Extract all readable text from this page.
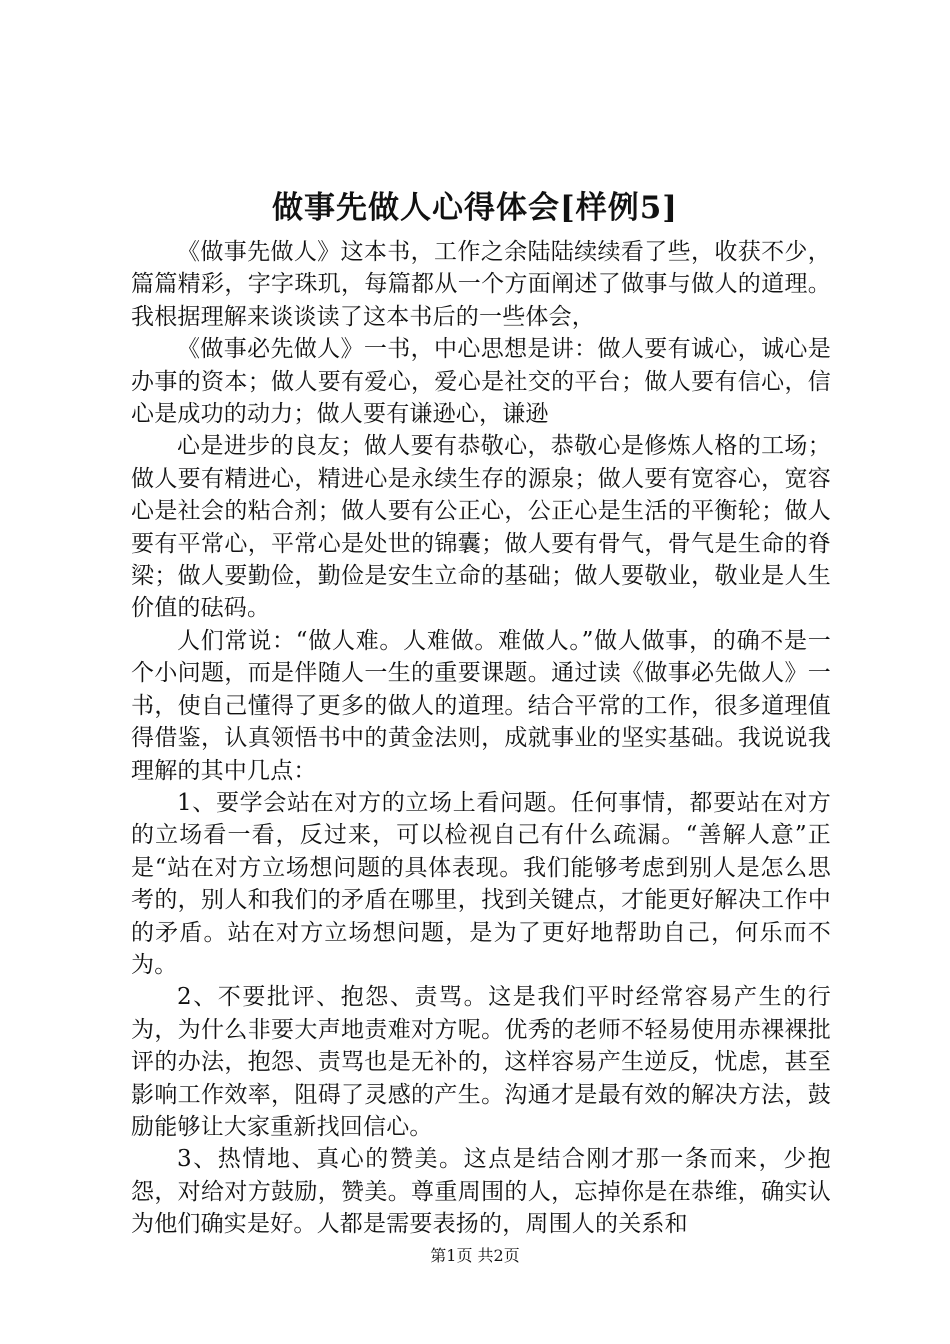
做事先做人心得体会[样例5]

《做事先做人》这本书，工作之余陆陆续续看了些，收获不少，篇篇精彩，字字珠玑，每篇都从一个方面阐述了做事与做人的道理。我根据理解来谈谈读了这本书后的一些体会，

《做事必先做人》一书，中心思想是讲：做人要有诚心，诚心是办事的资本；做人要有爱心，爱心是社交的平台；做人要有信心，信心是成功的动力；做人要有谦逊心，谦逊

心是进步的良友；做人要有恭敬心，恭敬心是修炼人格的工场；做人要有精进心，精进心是永续生存的源泉；做人要有宽容心，宽容心是社会的粘合剂；做人要有公正心，公正心是生活的平衡轮；做人要有平常心，平常心是处世的锦囊；做人要有骨气，骨气是生命的脊梁；做人要勤俭，勤俭是安生立命的基础；做人要敬业，敬业是人生价值的砝码。

人们常说：“做人难。人难做。难做人。”做人做事，的确不是一个小问题，而是伴随人一生的重要课题。通过读《做事必先做人》一书，使自己懂得了更多的做人的道理。结合平常的工作，很多道理值得借鉴，认真领悟书中的黄金法则，成就事业的坚实基础。我说说我理解的其中几点：

1、要学会站在对方的立场上看问题。任何事情，都要站在对方的立场看一看，反过来，可以检视自己有什么疏漏。“善解人意”正是“站在对方立场想问题的具体表现。我们能够考虑到别人是怎么思考的，别人和我们的矛盾在哪里，找到关键点，才能更好解决工作中的矛盾。站在对方立场想问题，是为了更好地帮助自己，何乐而不为。

2、不要批评、抱怨、责骂。这是我们平时经常容易产生的行为，为什么非要大声地责难对方呢。优秀的老师不轻易使用赤裸裸批评的办法，抱怨、责骂也是无补的，这样容易产生逆反，忧虑，甚至影响工作效率，阻碍了灵感的产生。沟通才是最有效的解决方法，鼓励能够让大家重新找回信心。

3、热情地、真心的赞美。这点是结合刚才那一条而来，少抱怨，对给对方鼓励，赞美。尊重周围的人，忘掉你是在恭维，确实认为他们确实是好。人都是需要表扬的，周围人的关系和

第1页 共2页
